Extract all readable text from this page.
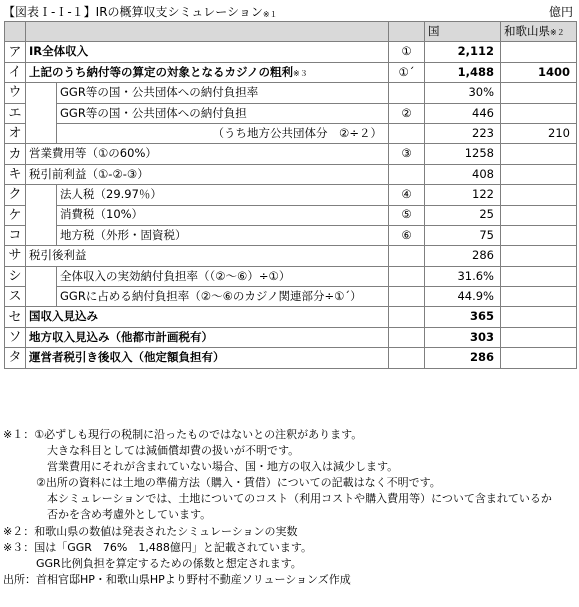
【図表Ｉ-Ｉ-１】IRの概算収支シミュレーション※１	億円
				国	和歌山県※２
ア	IR全体収入		①	2,112	
イ	上記のうち納付等の算定の対象となるカジノの粗利※３		①´	1,488	1400
ウ		GGR等の国・公共団体への納付負担率		30%	
エ		GGR等の国・公共団体への納付負担	②	446	
オ		（うち地方公共団体分　②÷２）		223	210
カ	営業費用等（①の60%）		③	1258	
キ	税引前利益（①-②-③）			408	
ク		法人税（29.97％）	④	122	
ケ		消費税（10%）	⑤	25	
コ		地方税（外形・固資税）	⑥	75	
サ	税引後利益			286	
シ		全体収入の実効納付負担率（（②～⑥）÷①）		31.6%	
ス		GGRに占める納付負担率（②～⑥のカジノ関連部分÷①´）		44.9%	
セ	国収入見込み			365	
ソ	地方収入見込み（他都市計画税有）			303	
タ	運営者税引き後収入（他定額負担有）			286	
※１：①必ずしも現行の税制に沿ったものではないとの注釈があります。
　　　　大きな科目としては減価償却費の扱いが不明です。
　　　　営業費用にそれが含まれていない場合、国・地方の収入は減少します。
　　　②出所の資料には土地の準備方法（購入・賃借）についての記載はなく不明です。
　　　　本シミュレーションでは、土地についてのコスト（利用コストや購入費用等）について含まれているか
　　　　否かを含め考慮外としています。
※２：和歌山県の数値は発表されたシミュレーションの実数
※３：国は「GGR　76%　1,488億円」と記載されています。
　　　GGR比例負担を算定するための係数と想定されます。
出所：首相官邸HP・和歌山県HPより野村不動産ソリューションズ作成
